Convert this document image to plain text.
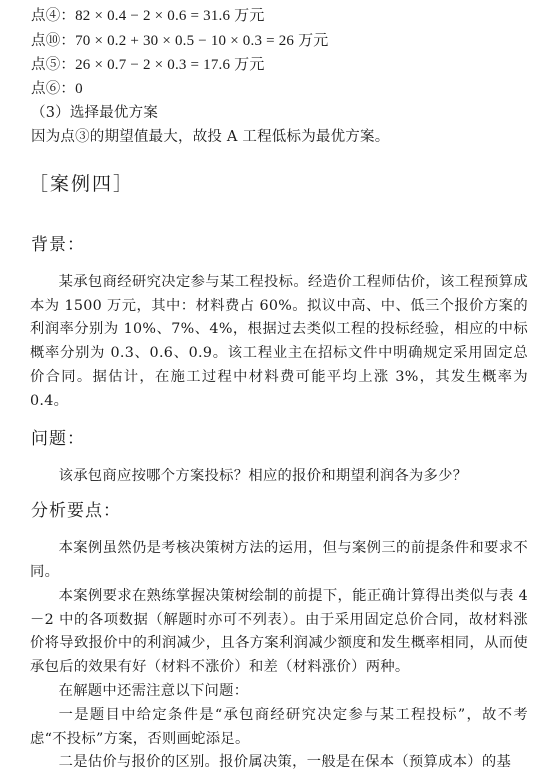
点④：82 × 0.4 − 2 × 0.6 = 31.6 万元
点⑩：70 × 0.2 + 30 × 0.5 − 10 × 0.3 = 26 万元
点⑤：26 × 0.7 − 2 × 0.3 = 17.6 万元
点⑥：0
（3）选择最优方案
因为点③的期望值最大，故投 A 工程低标为最优方案。
［案例四］
背景：
某承包商经研究决定参与某工程投标。经造价工程师估价，该工程预算成本为 1500 万元，其中：材料费占 60%。拟议中高、中、低三个报价方案的利润率分别为 10%、7%、4%，根据过去类似工程的投标经验，相应的中标概率分别为 0.3、0.6、0.9。该工程业主在招标文件中明确规定采用固定总价合同。据估计，在施工过程中材料费可能平均上涨 3%，其发生概率为 0.4。
问题：
该承包商应按哪个方案投标？相应的报价和期望利润各为多少？
分析要点：
本案例虽然仍是考核决策树方法的运用，但与案例三的前提条件和要求不同。
本案例要求在熟练掌握决策树绘制的前提下，能正确计算得出类似与表 4－2 中的各项数据（解题时亦可不列表）。由于采用固定总价合同，故材料涨价将导致报价中的利润减少，且各方案利润减少额度和发生概率相同，从而使承包后的效果有好（材料不涨价）和差（材料涨价）两种。
在解题中还需注意以下问题：
一是题目中给定条件是“承包商经研究决定参与某工程投标”，故不考虑“不投标”方案，否则画蛇添足。
二是估价与报价的区别。报价属决策，一般是在保本（预算成本）的基
